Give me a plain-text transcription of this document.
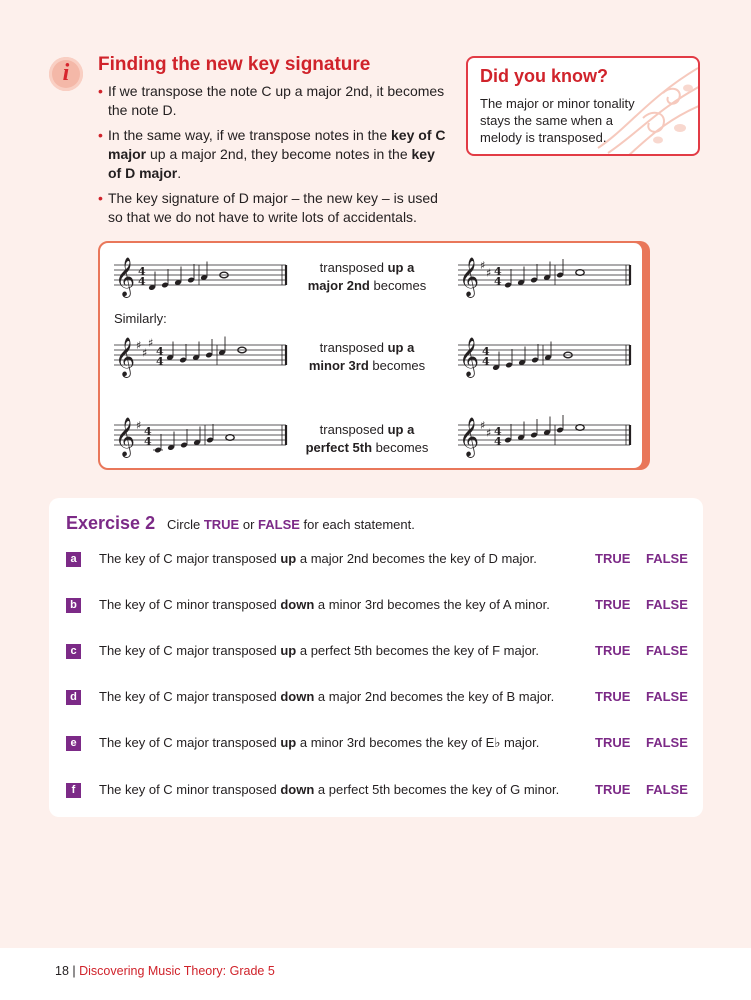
i	Finding the new key signature
• If we transpose the note C up a major 2nd, it becomes the note D.
• In the same way, if we transpose notes in the key of C major up a major 2nd, they become notes in the key of D major.
• The key signature of D major – the new key – is used so that we do not have to write lots of accidentals.
Did you know?
The major or minor tonality stays the same when a melody is transposed.
Similarly:
𝄞 4
4
transposed up a
major 2nd becomes 𝄞 ♯
♯ 4
4
𝄞 ♯
♯
♯
4
4
transposed up a
minor 3rd becomes 𝄞 4
4
𝄞 ♯ 4
4
transposed up a
perfect 5th becomes 𝄞 ♯
♯ 4
4
Exercise 2 Circle TRUE or FALSE for each statement.
a	The key of C major transposed up a major 2nd becomes the key of D major.	TRUE FALSE
b	The key of C minor transposed down a minor 3rd becomes the key of A minor.	TRUE FALSE
c	The key of C major transposed up a perfect 5th becomes the key of F major.	TRUE FALSE
d	The key of C major transposed down a major 2nd becomes the key of B major.	TRUE FALSE
e	The key of C major transposed up a minor 3rd becomes the key of E♭ major.	TRUE FALSE
f	The key of C minor transposed down a perfect 5th becomes the key of G minor.	TRUE FALSE
18 | Discovering Music Theory: Grade 5
